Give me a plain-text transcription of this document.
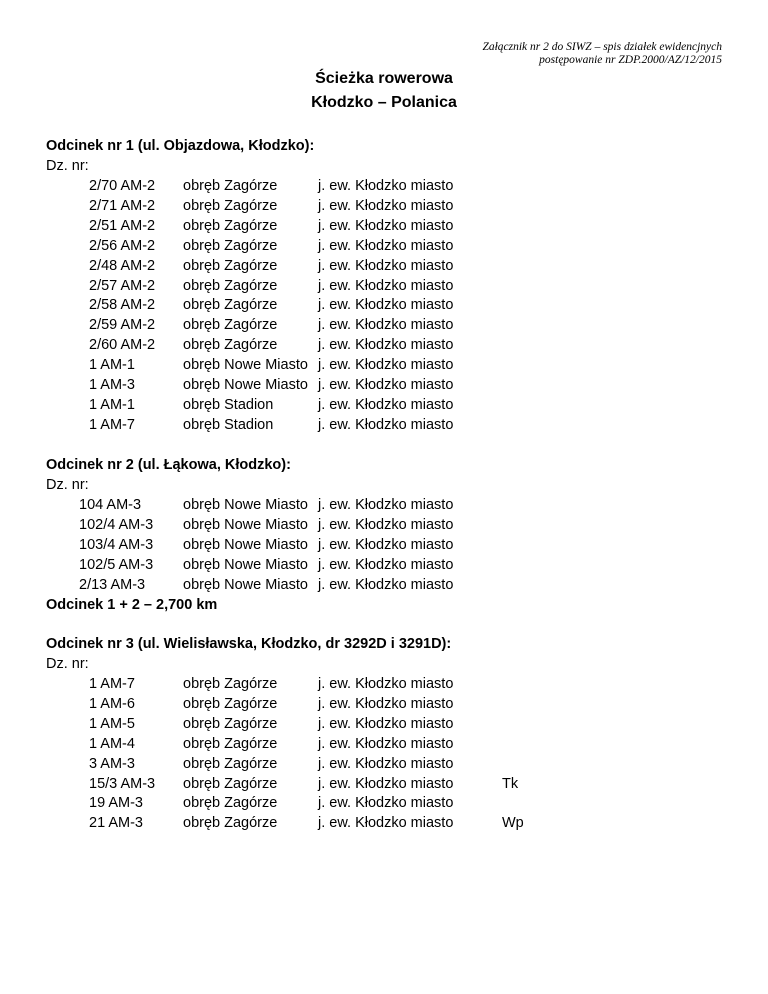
Załącznik nr 2 do SIWZ – spis działek ewidencjnych
postępowanie nr ZDP.2000/AZ/12/2015
Ścieżka rowerowa
Kłodzko – Polanica
Odcinek nr 1 (ul. Objazdowa, Kłodzko):
Dz. nr:
2/70 AM-2 obręb Zagórze	j. ew. Kłodzko miasto
2/71 AM-2 obręb Zagórze	j. ew. Kłodzko miasto
2/51 AM-2 obręb Zagórze	j. ew. Kłodzko miasto
2/56 AM-2 obręb Zagórze	j. ew. Kłodzko miasto
2/48 AM-2 obręb Zagórze	j. ew. Kłodzko miasto
2/57 AM-2 obręb Zagórze	j. ew. Kłodzko miasto
2/58 AM-2 obręb Zagórze	j. ew. Kłodzko miasto
2/59 AM-2 obręb Zagórze	j. ew. Kłodzko miasto
2/60 AM-2 obręb Zagórze	j. ew. Kłodzko miasto
1 AM-1	obręb Nowe Miasto j. ew. Kłodzko miasto
1 AM-3	obręb Nowe Miasto j. ew. Kłodzko miasto
1 AM-1	obręb Stadion	j. ew. Kłodzko miasto
1 AM-7	obręb Stadion	j. ew. Kłodzko miasto
Odcinek nr 2 (ul. Łąkowa, Kłodzko):
Dz. nr:
104 AM-3	obręb Nowe Miasto j. ew. Kłodzko miasto
102/4 AM-3 obręb Nowe Miasto j. ew. Kłodzko miasto
103/4 AM-3 obręb Nowe Miasto j. ew. Kłodzko miasto
102/5 AM-3 obręb Nowe Miasto j. ew. Kłodzko miasto
2/13 AM-3	obręb Nowe Miasto j. ew. Kłodzko miasto
Odcinek 1 + 2 – 2,700 km
Odcinek nr 3 (ul. Wielisławska, Kłodzko, dr 3292D i 3291D):
Dz. nr:
1 AM-7	obręb Zagórze	j. ew. Kłodzko miasto
1 AM-6	obręb Zagórze	j. ew. Kłodzko miasto
1 AM-5	obręb Zagórze	j. ew. Kłodzko miasto
1 AM-4	obręb Zagórze	j. ew. Kłodzko miasto
3 AM-3	obręb Zagórze	j. ew. Kłodzko miasto
15/3 AM-3 obręb Zagórze	j. ew. Kłodzko miasto	Tk
19 AM-3	obręb Zagórze	j. ew. Kłodzko miasto
21 AM-3	obręb Zagórze	j. ew. Kłodzko miasto	Wp
